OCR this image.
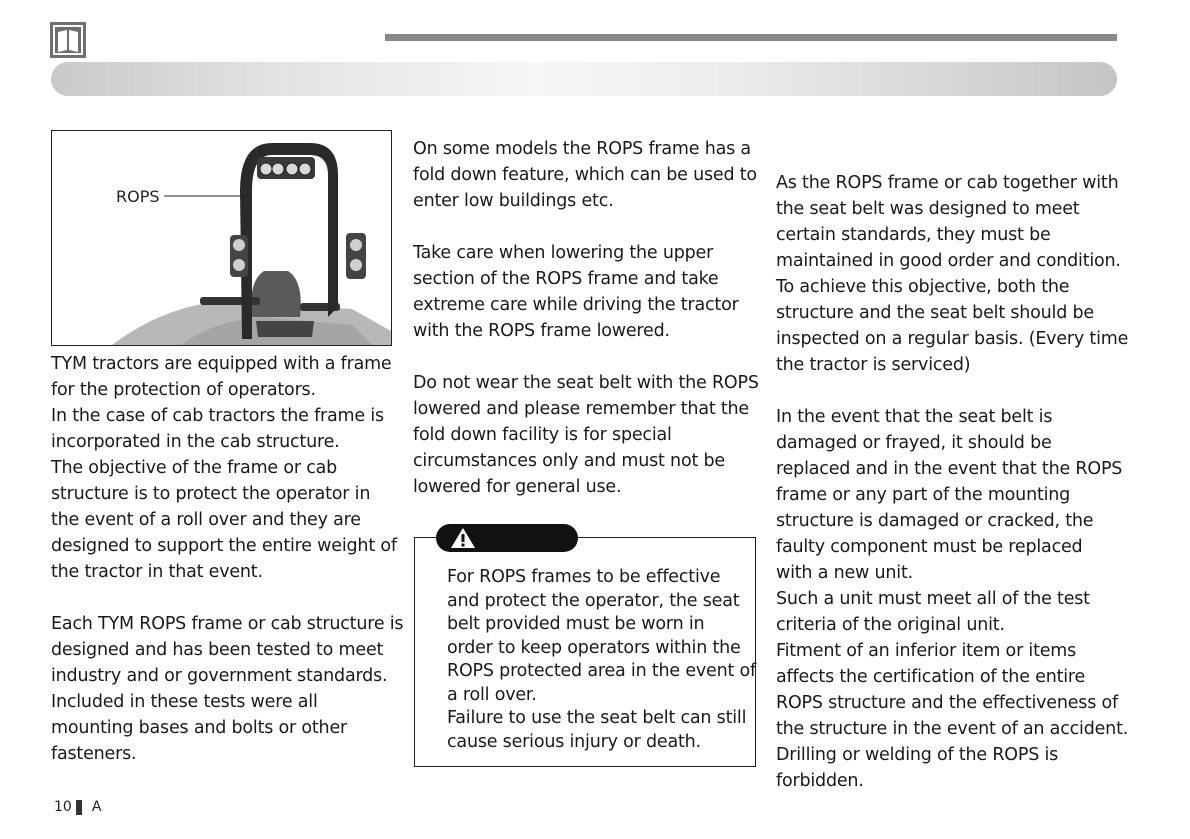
ROPS
TYM tractors are equipped with a frame
for the protection of operators.
In the case of cab tractors the frame is
incorporated in the cab structure.
The objective of the frame or cab
structure is to protect the operator in
the event of a roll over and they are
designed to support the entire weight of
the tractor in that event.
Each TYM ROPS frame or cab structure is
designed and has been tested to meet
industry and or government standards.
Included in these tests were all
mounting bases and bolts or other
fasteners.
On some models the ROPS frame has a
fold down feature, which can be used to
enter low buildings etc.
Take care when lowering the upper
section of the ROPS frame and take
extreme care while driving the tractor
with the ROPS frame lowered.
Do not wear the seat belt with the ROPS
lowered and please remember that the
fold down facility is for special
circumstances only and must not be
lowered for general use.
For ROPS frames to be effective
and protect the operator, the seat
belt provided must be worn in
order to keep operators within the
ROPS protected area in the event of
a roll over.
Failure to use the seat belt can still
cause serious injury or death.
As the ROPS frame or cab together with
the seat belt was designed to meet
certain standards, they must be
maintained in good order and condition.
To achieve this objective, both the
structure and the seat belt should be
inspected on a regular basis. (Every time
the tractor is serviced)
In the event that the seat belt is
damaged or frayed, it should be
replaced and in the event that the ROPS
frame or any part of the mounting
structure is damaged or cracked, the
faulty component must be replaced
with a new unit.
Such a unit must meet all of the test
criteria of the original unit.
Fitment of an inferior item or items
affects the certification of the entire
ROPS structure and the effectiveness of
the structure in the event of an accident.
Drilling or welding of the ROPS is
forbidden.
10 A
